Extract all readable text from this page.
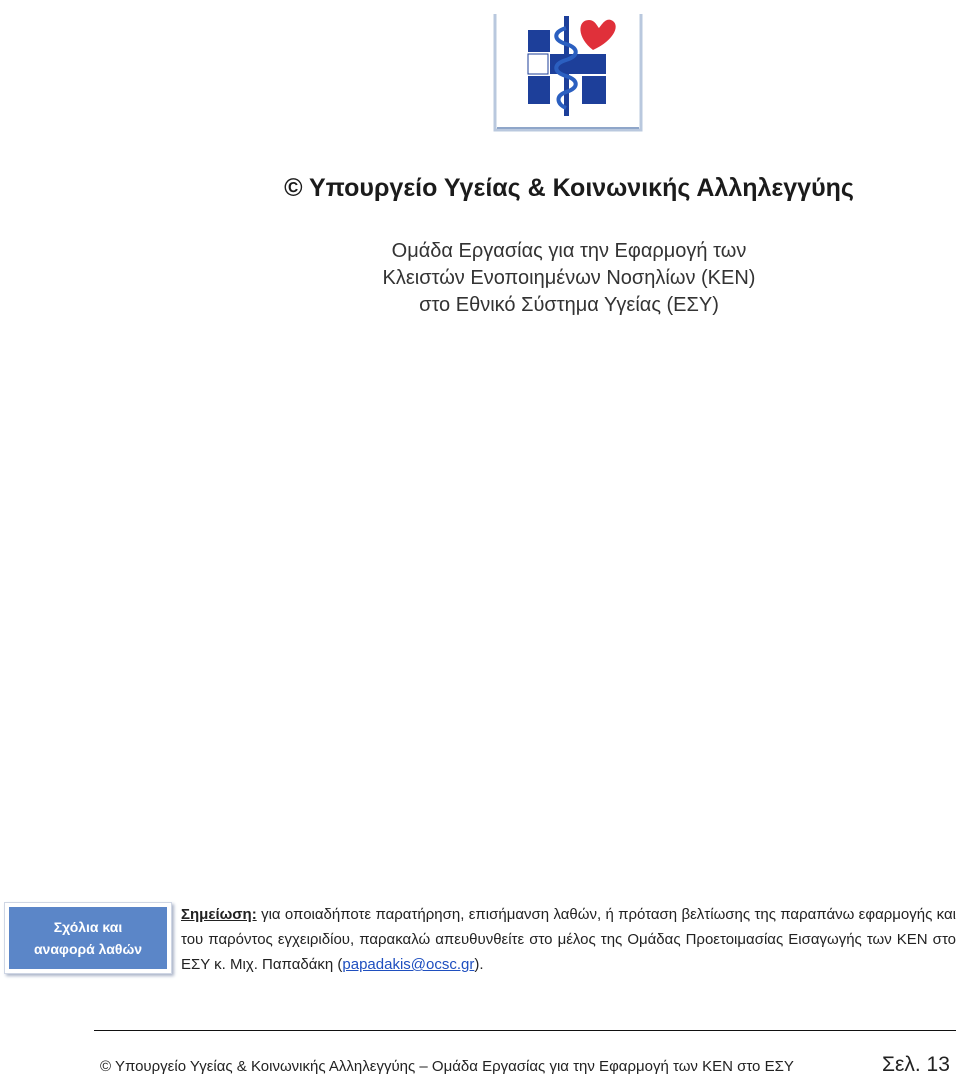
© Υπουργείο Υγείας & Κοινωνικής Αλληλεγγύης
Ομάδα Εργασίας για την Εφαρμογή των
Κλειστών Ενοποιημένων Νοσηλίων (ΚΕΝ)
στο Εθνικό Σύστημα Υγείας (ΕΣΥ)
Σχόλια και
αναφορά λαθών
Σημείωση: για οποιαδήποτε παρατήρηση, επισήμανση λαθών, ή πρόταση βελτίωσης της παραπάνω εφαρμογής και του παρόντος εγχειριδίου, παρακαλώ απευθυνθείτε στο μέλος της Ομάδας Προετοιμασίας Εισαγωγής των ΚΕΝ στο ΕΣΥ κ. Μιχ. Παπαδάκη (papadakis@ocsc.gr).
© Υπουργείο Υγείας & Κοινωνικής Αλληλεγγύης – Ομάδα Εργασίας για την Εφαρμογή των ΚΕΝ στο ΕΣΥ	Σελ. 13
